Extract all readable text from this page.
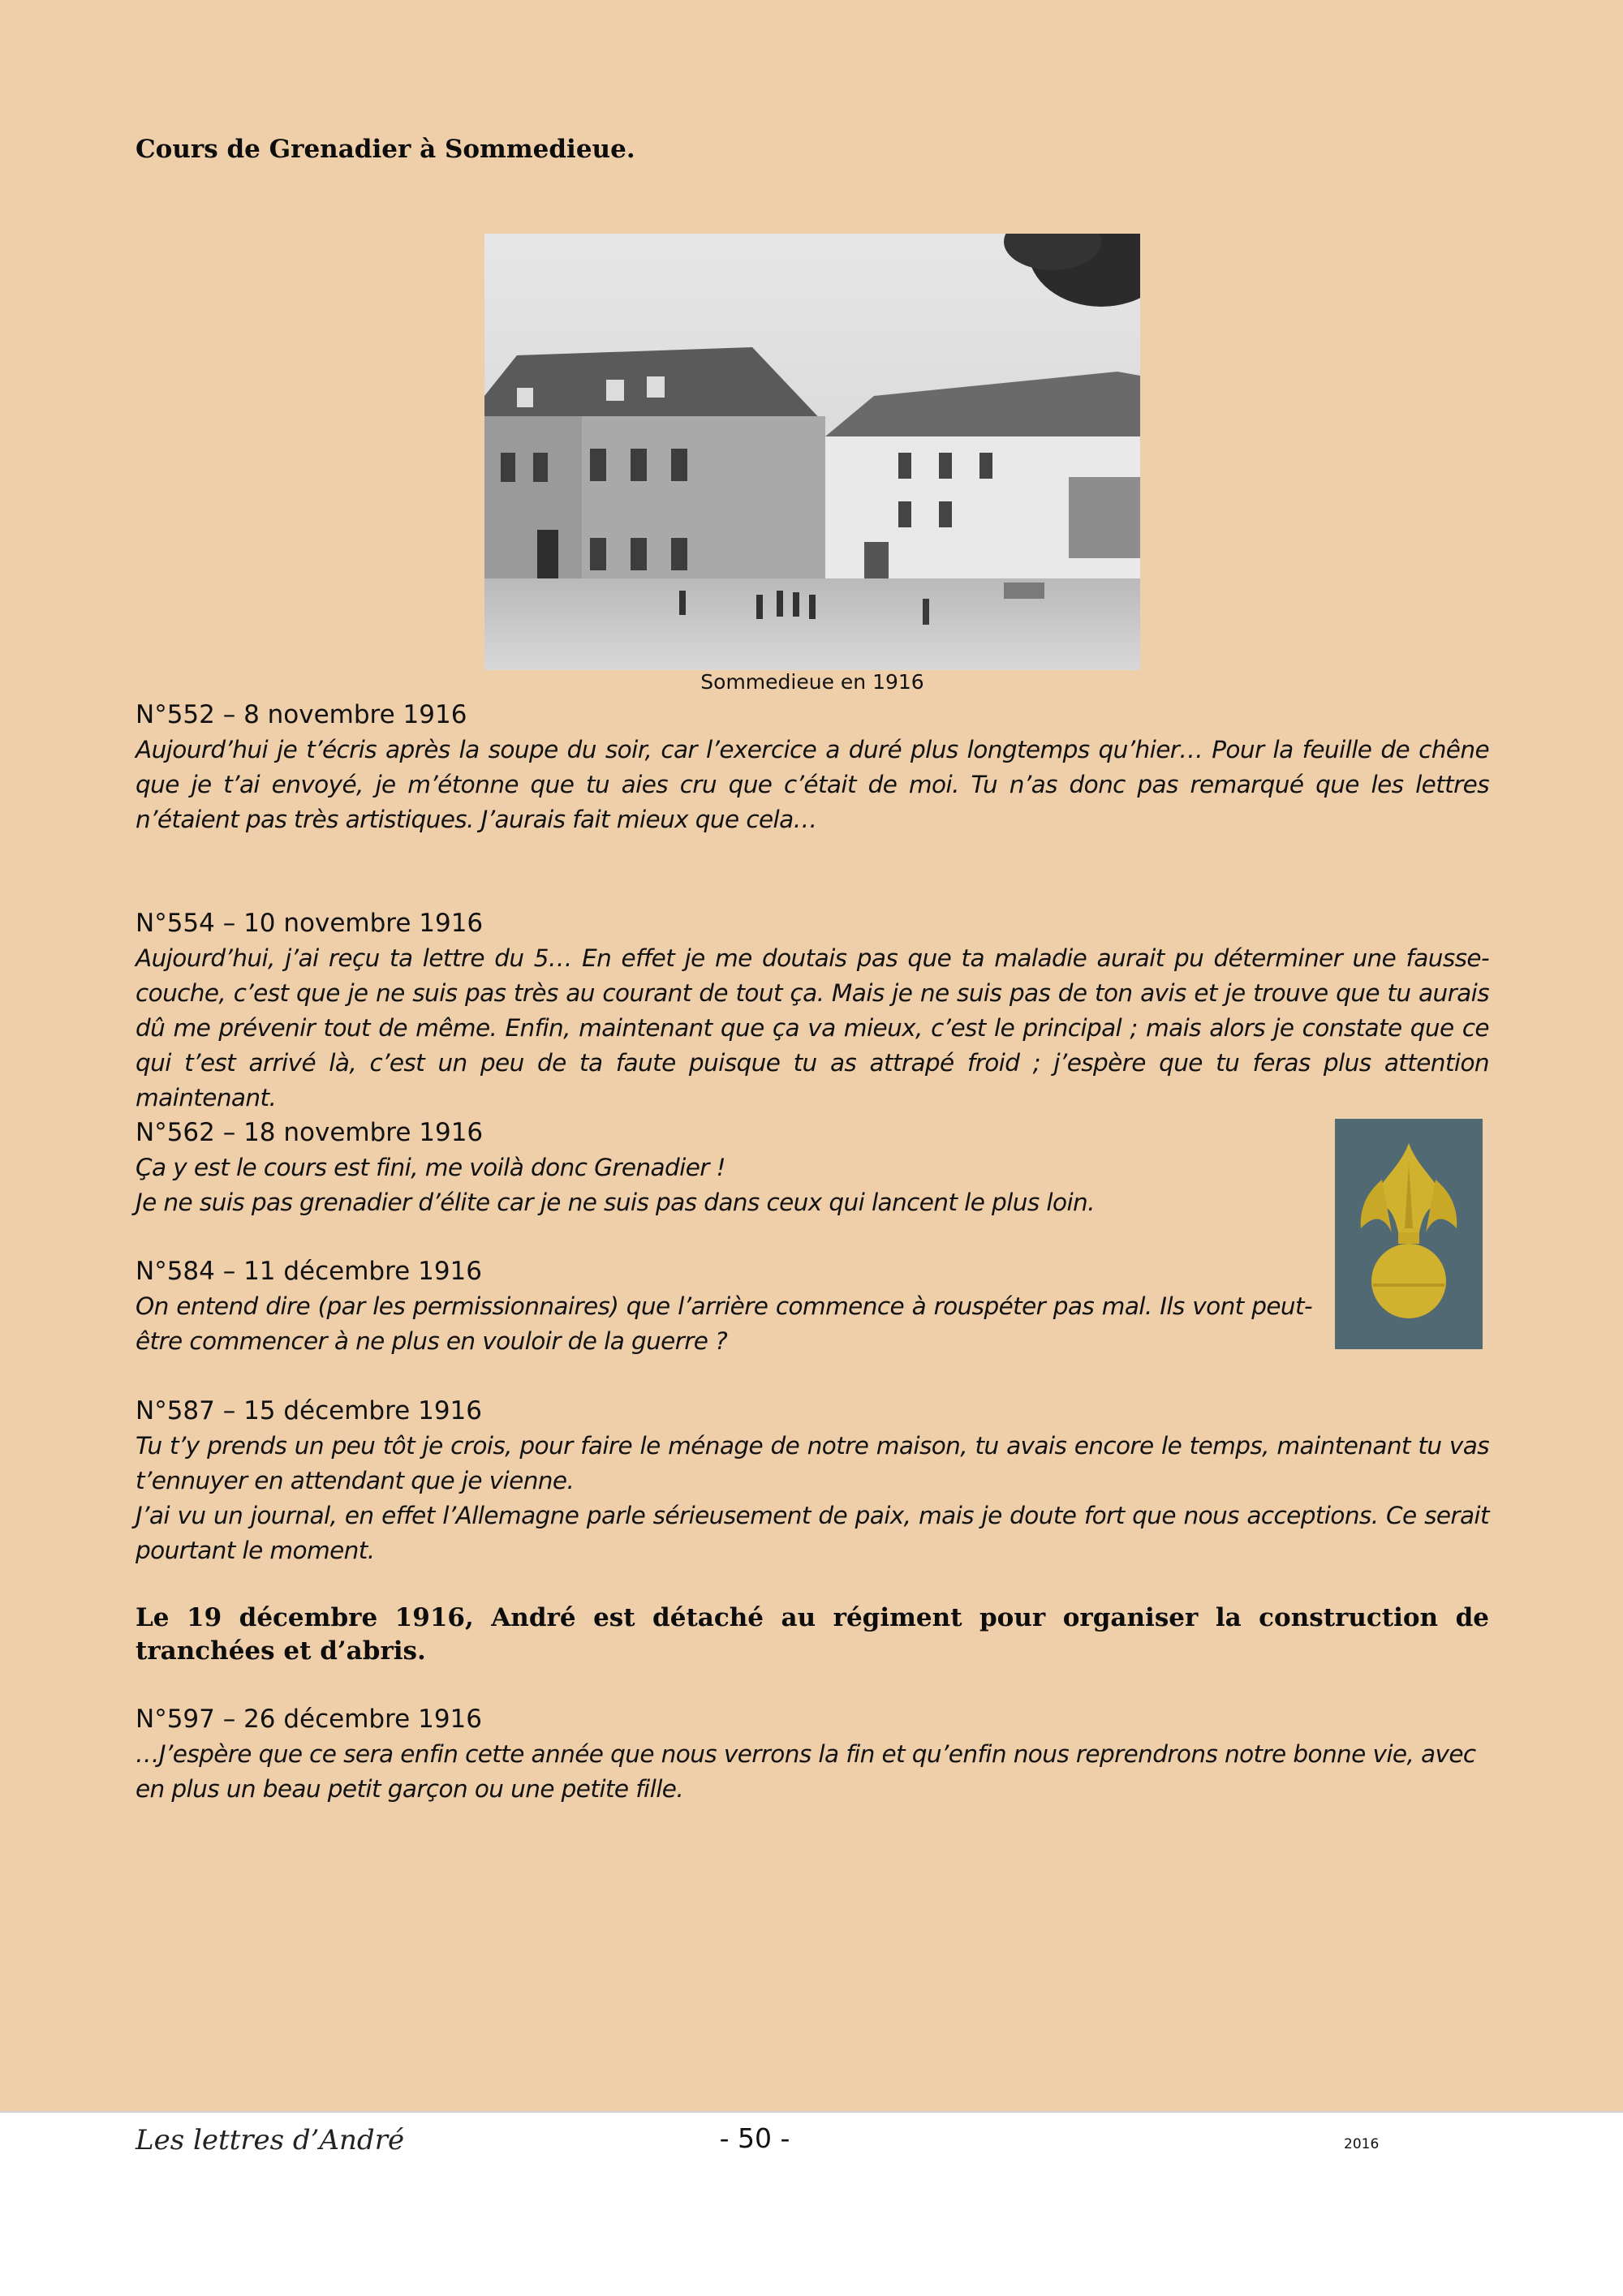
Cours de Grenadier à Sommedieue.
Sommedieue en 1916
N°552 – 8 novembre 1916

Aujourd’hui je t’écris après la soupe du soir, car l’exercice a duré plus longtemps qu’hier… Pour la feuille de chêne que je t’ai envoyé, je m’étonne que tu aies cru que c’était de moi. Tu n’as donc pas remarqué que les lettres n’étaient pas très artistiques. J’aurais fait mieux que cela…

N°554 – 10 novembre 1916

Aujourd’hui, j’ai reçu ta lettre du 5… En effet je me doutais pas que ta maladie aurait pu déterminer une fausse-couche, c’est que je ne suis pas très au courant de tout ça. Mais je ne suis pas de ton avis et je trouve que tu aurais dû me prévenir tout de même. Enfin, maintenant que ça va mieux, c’est le principal ; mais alors je constate que ce qui t’est arrivé là, c’est un peu de ta faute puisque tu as attrapé froid ; j’espère que tu feras plus attention maintenant.

N°562 – 18 novembre 1916

Ça y est le cours est fini, me voilà donc Grenadier !

Je ne suis pas grenadier d’élite car je ne suis pas dans ceux qui lancent le plus loin.

N°584 – 11 décembre 1916

On entend dire (par les permissionnaires) que l’arrière commence à rouspéter pas mal. Ils vont peut-être commencer à ne plus en vouloir de la guerre ?

N°587 – 15 décembre 1916

Tu t’y prends un peu tôt je crois, pour faire le ménage de notre maison, tu avais encore le temps, maintenant tu vas t’ennuyer en attendant que je vienne.

J’ai vu un journal, en effet l’Allemagne parle sérieusement de paix, mais je doute fort que nous acceptions. Ce serait pourtant le moment.

Le 19 décembre 1916, André est détaché au régiment pour organiser la construction de tranchées et d’abris.

N°597 – 26 décembre 1916

…J’espère que ce sera enfin cette année que nous verrons la fin et qu’enfin nous reprendrons notre bonne vie, avec en plus un beau petit garçon ou une petite fille.

Les lettres d’André	- 50 -	2016
